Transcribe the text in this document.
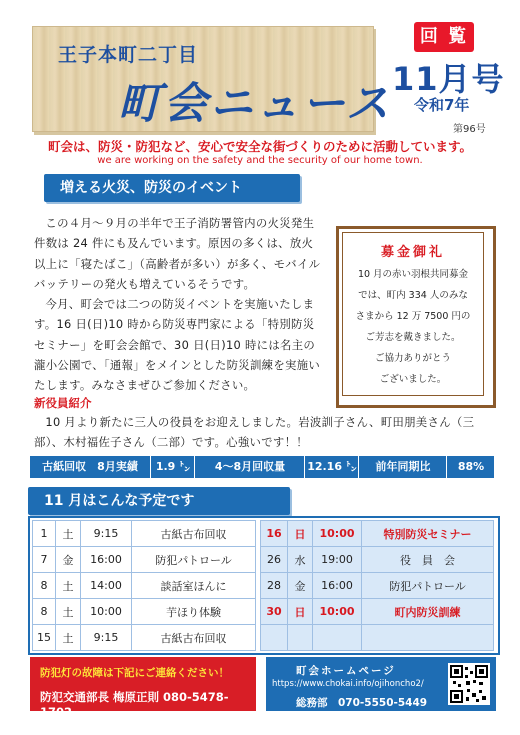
王子本町二丁目
町会ニュース
回 覧
11月号
令和7年
第96号
町会は、防災・防犯など、安心で安全な街づくりのために活動しています。
we are working on the safety and the security of our home town.
増える火災、防災のイベント
この４月～９月の半年で王子消防署管内の火災発生件数は 24 件にも及んでいます。原因の多くは、放火以上に「寝たばこ」（高齢者が多い）が多く、モバイルバッテリーの発火も増えているそうです。
今月、町会では二つの防災イベントを実施いたします。16 日(日)10 時から防災専門家による「特別防災セミナー」を町会会館で、30 日(日)10 時には名主の瀧小公園で、「通報」をメインとした防災訓練を実施いたします。みなさまぜひご参加ください。
新役員紹介
10 月より新たに三人の役員をお迎えしました。岩波訓子さん、町田朋美さん（三部）、木村福佐子さん（二部）です。心強いです！！
募金御礼
10 月の赤い羽根共同募金
では、町内 334 人のみな
さまから 12 万 7500 円の
ご芳志を戴きました。
ご協力ありがとう
ございました。
古紙回収　8月実績	1.9 ㌧	4～8月回収量	12.16 ㌧	前年同期比	88%
11 月はこんな予定です
1	土	9:15	古紙古布回収
7	金	16:00	防犯パトロール
8	土	14:00	談話室ほんに
8	土	10:00	芋ほり体験
15	土	9:15	古紙古布回収
16	日	10:00	特別防災セミナー
26	水	19:00	役　員　会
28	金	16:00	防犯パトロール
30	日	10:00	町内防災訓練

防犯灯の故障は下記にご連絡ください！
防犯交通部長 梅原正則 080-5478-1702
町会ホームページ
https://www.chokai.info/ojihoncho2/
総務部　070-5550-5449
